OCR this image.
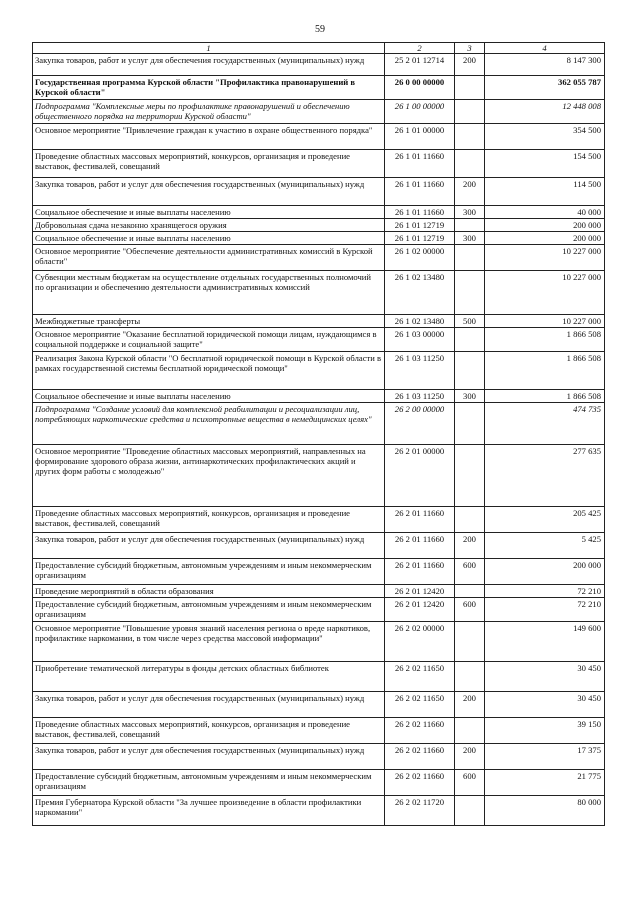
59
1	2	3	4
Закупка товаров, работ и услуг для обеспечения государственных (муниципальных) нужд	25 2 01 12714	200	8 147 300
Государственная программа Курской области "Профилактика правонарушений в Курской области"	26 0 00 00000		362 055 787
Подпрограмма "Комплексные меры по профилактике правонарушений и обеспечению общественного порядка на территории Курской области"	26 1 00 00000		12 448 008
Основное мероприятие "Привлечение граждан к участию в охране общественного порядка"	26 1 01 00000		354 500
Проведение областных массовых мероприятий, конкурсов, организация и проведение выставок, фестивалей, совещаний	26 1 01 11660		154 500
Закупка товаров, работ и услуг для обеспечения государственных (муниципальных) нужд	26 1 01 11660	200	114 500
Социальное обеспечение и иные выплаты населению	26 1 01 11660	300	40 000
Добровольная сдача незаконно хранящегося оружия	26 1 01 12719		200 000
Социальное обеспечение и иные выплаты населению	26 1 01 12719	300	200 000
Основное мероприятие "Обеспечение деятельности административных комиссий в Курской области"	26 1 02 00000		10 227 000
Субвенции местным бюджетам на осуществление отдельных государственных полномочий по организации и обеспечению деятельности административных комиссий	26 1 02 13480		10 227 000
Межбюджетные трансферты	26 1 02 13480	500	10 227 000
Основное мероприятие "Оказание бесплатной юридической помощи лицам, нуждающимся в социальной поддержке и социальной защите"	26 1 03 00000		1 866 508
Реализация Закона Курской области "О бесплатной юридической помощи в Курской области в рамках государственной системы бесплатной юридической помощи"	26 1 03 11250		1 866 508
Социальное обеспечение и иные выплаты населению	26 1 03 11250	300	1 866 508
Подпрограмма "Создание условий для комплексной реабилитации и ресоциализации лиц, потребляющих наркотические средства и психотропные вещества в немедицинских целях"	26 2 00 00000		474 735
Основное мероприятие "Проведение областных массовых мероприятий, направленных на формирование здорового образа жизни, антинаркотических профилактических акций и других форм работы с молодежью"	26 2 01 00000		277 635
Проведение областных массовых мероприятий, конкурсов, организация и проведение выставок, фестивалей, совещаний	26 2 01 11660		205 425
Закупка товаров, работ и услуг для обеспечения государственных (муниципальных) нужд	26 2 01 11660	200	5 425
Предоставление субсидий бюджетным, автономным учреждениям и иным некоммерческим организациям	26 2 01 11660	600	200 000
Проведение мероприятий в области образования	26 2 01 12420		72 210
Предоставление субсидий бюджетным, автономным учреждениям и иным некоммерческим организациям	26 2 01 12420	600	72 210
Основное мероприятие "Повышение уровня знаний населения региона о вреде наркотиков, профилактике наркомании, в том числе через средства массовой информации"	26 2 02 00000		149 600
Приобретение тематической литературы в фонды детских областных библиотек	26 2 02 11650		30 450
Закупка товаров, работ и услуг для обеспечения государственных (муниципальных) нужд	26 2 02 11650	200	30 450
Проведение областных массовых мероприятий, конкурсов, организация и проведение выставок, фестивалей, совещаний	26 2 02 11660		39 150
Закупка товаров, работ и услуг для обеспечения государственных (муниципальных) нужд	26 2 02 11660	200	17 375
Предоставление субсидий бюджетным, автономным учреждениям и иным некоммерческим организациям	26 2 02 11660	600	21 775
Премия Губернатора Курской области "За лучшее произведение в области профилактики наркомании"	26 2 02 11720		80 000
